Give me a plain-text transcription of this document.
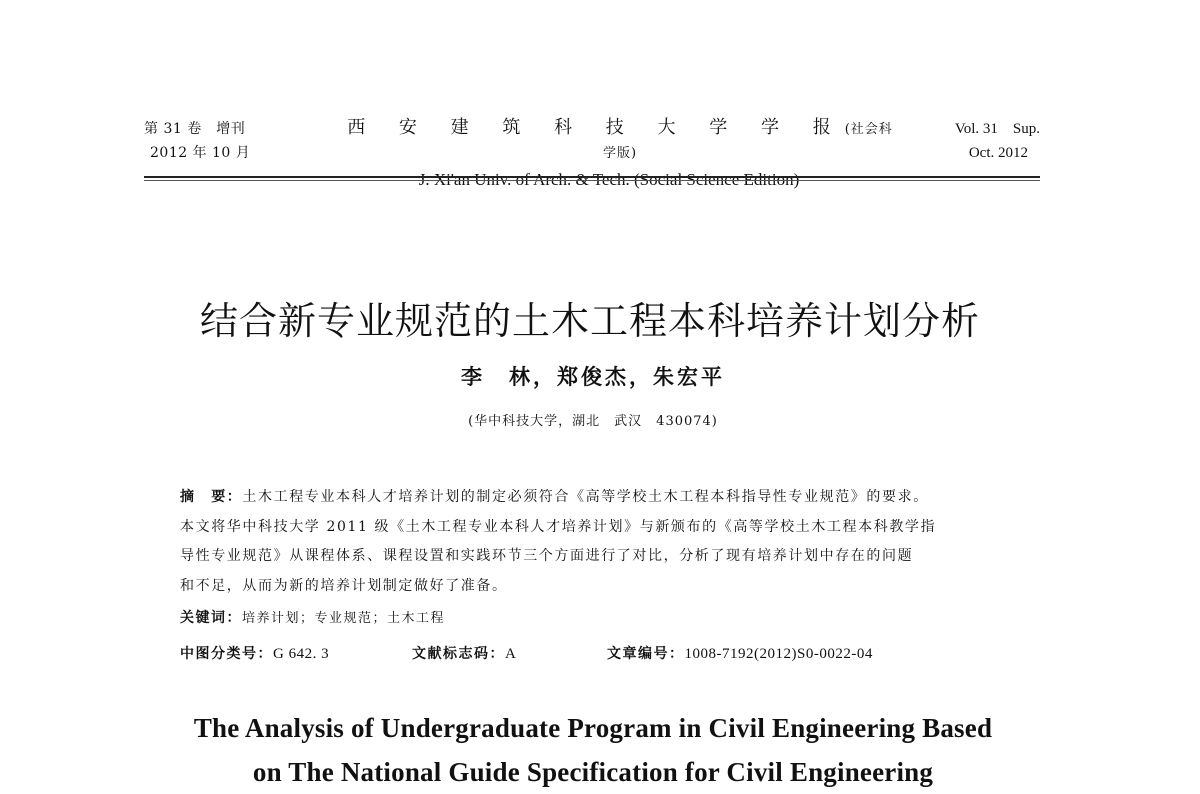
第 31 卷　增刊
2012 年 10 月
西 安 建 筑 科 技 大 学 学 报(社会科学版)
Vol. 31　Sup.
Oct. 2012
结合新专业规范的土木工程本科培养计划分析
李　林，郑俊杰，朱宏平
(华中科技大学，湖北　武汉　430074)
摘　要：土木工程专业本科人才培养计划的制定必须符合《高等学校土木工程本科指导性专业规范》的要求。
本文将华中科技大学 2011 级《土木工程专业本科人才培养计划》与新颁布的《高等学校土木工程本科教学指
导性专业规范》从课程体系、课程设置和实践环节三个方面进行了对比，分析了现有培养计划中存在的问题
和不足，从而为新的培养计划制定做好了准备。
关键词：培养计划；专业规范；土木工程
中图分类号：G 642. 3	文献标志码：A	文章编号：1008-7192(2012)S0-0022-04
The Analysis of Undergraduate Program in Civil Engineering Based
on The National Guide Specification for Civil Engineering
